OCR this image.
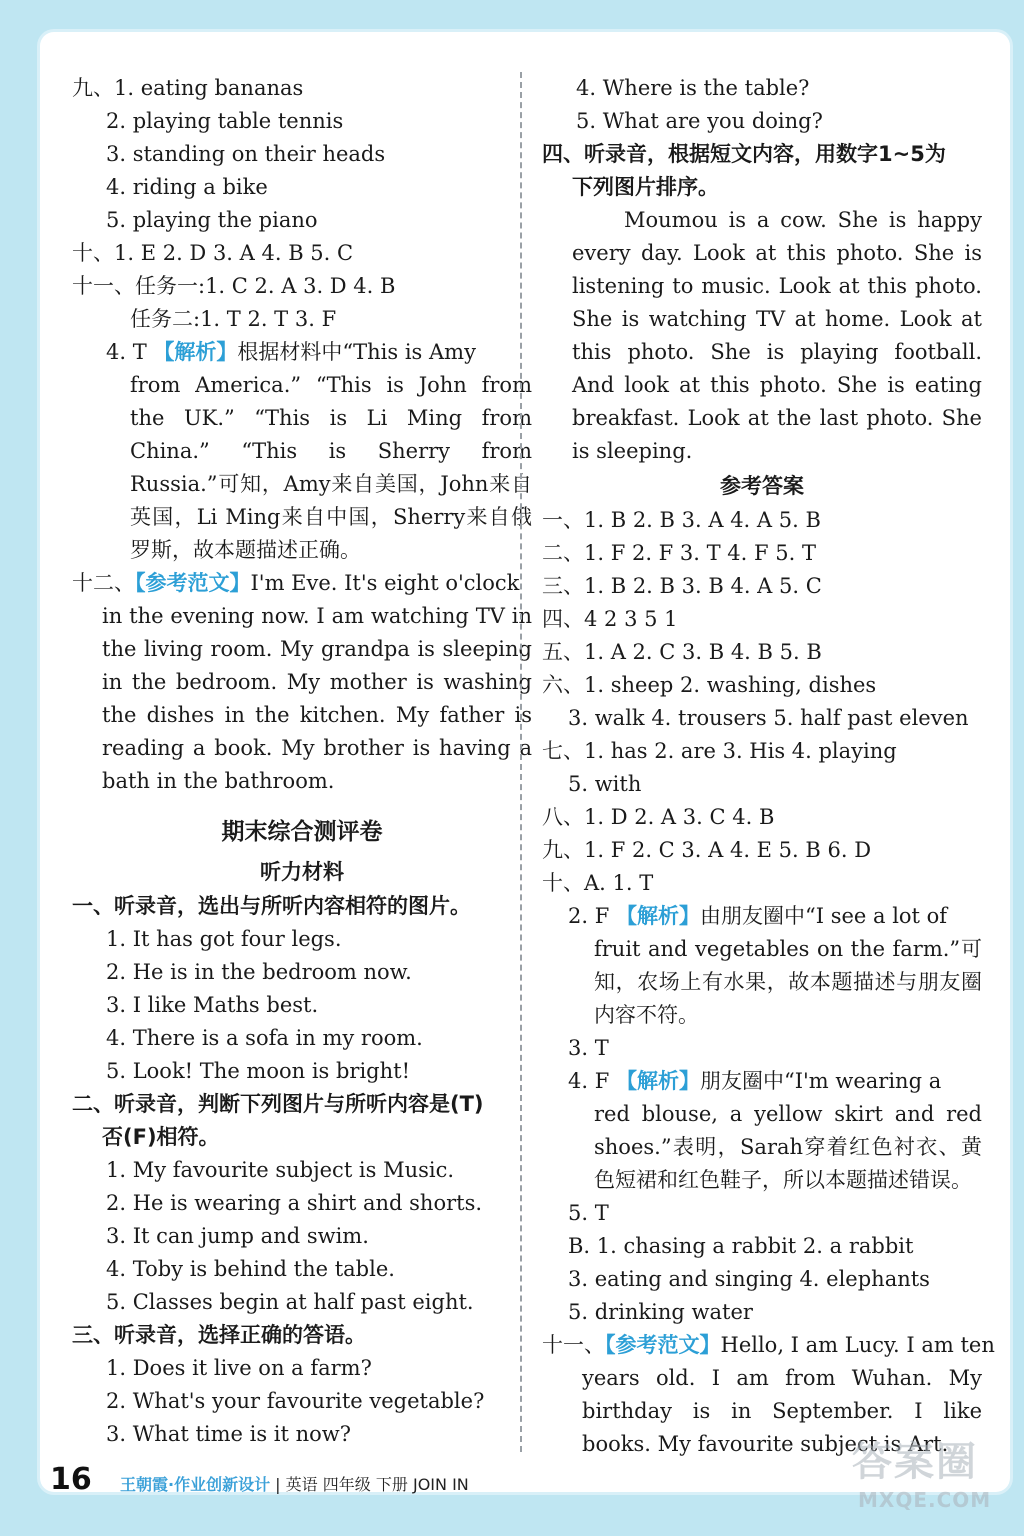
九、1. eating bananas
2. playing table tennis
3. standing on their heads
4. riding a bike
5. playing the piano
十、1. E 2. D 3. A 4. B 5. C
十一、任务一:1. C 2. A 3. D 4. B
任务二:1. T 2. T 3. F
4. T 【解析】根据材料中“This is Amy
from America.” “This is John from the UK.” “This is Li Ming from China.” “This is Sherry from Russia.”可知，Amy来自美国，John来自英国，Li Ming来自中国，Sherry来自俄罗斯，故本题描述正确。
十二、【参考范文】I'm Eve. It's eight o'clock
in the evening now. I am watching TV in the living room. My grandpa is sleeping in the bedroom. My mother is washing the dishes in the kitchen. My father is reading a book. My brother is having a bath in the bathroom.
期末综合测评卷
听力材料
一、听录音，选出与所听内容相符的图片。
1. It has got four legs.
2. He is in the bedroom now.
3. I like Maths best.
4. There is a sofa in my room.
5. Look! The moon is bright!
二、听录音，判断下列图片与所听内容是(T)
否(F)相符。
1. My favourite subject is Music.
2. He is wearing a shirt and shorts.
3. It can jump and swim.
4. Toby is behind the table.
5. Classes begin at half past eight.
三、听录音，选择正确的答语。
1. Does it live on a farm?
2. What's your favourite vegetable?
3. What time is it now?
4. Where is the table?
5. What are you doing?
四、听录音，根据短文内容，用数字1~5为
下列图片排序。
Moumou is a cow. She is happy every day. Look at this photo. She is listening to music. Look at this photo. She is watching TV at home. Look at this photo. She is playing football. And look at this photo. She is eating breakfast. Look at the last photo. She is sleeping.
参考答案
一、1. B 2. B 3. A 4. A 5. B
二、1. F 2. F 3. T 4. F 5. T
三、1. B 2. B 3. B 4. A 5. C
四、4 2 3 5 1
五、1. A 2. C 3. B 4. B 5. B
六、1. sheep 2. washing, dishes
3. walk 4. trousers 5. half past eleven
七、1. has 2. are 3. His 4. playing
5. with
八、1. D 2. A 3. C 4. B
九、1. F 2. C 3. A 4. E 5. B 6. D
十、A. 1. T
2. F 【解析】由朋友圈中“I see a lot of
fruit and vegetables on the farm.”可知，农场上有水果，故本题描述与朋友圈内容不符。
3. T
4. F 【解析】朋友圈中“I'm wearing a
red blouse, a yellow skirt and red shoes.”表明，Sarah穿着红色衬衣、黄色短裙和红色鞋子，所以本题描述错误。
5. T
B. 1. chasing a rabbit 2. a rabbit
3. eating and singing 4. elephants
5. drinking water
十一、【参考范文】Hello, I am Lucy. I am ten
years old. I am from Wuhan. My birthday is in September. I like books. My favourite subject is Art.
16 王朝霞·作业创新设计 | 英语 四年级 下册 JOIN IN	答案圈
MXQE.COM
